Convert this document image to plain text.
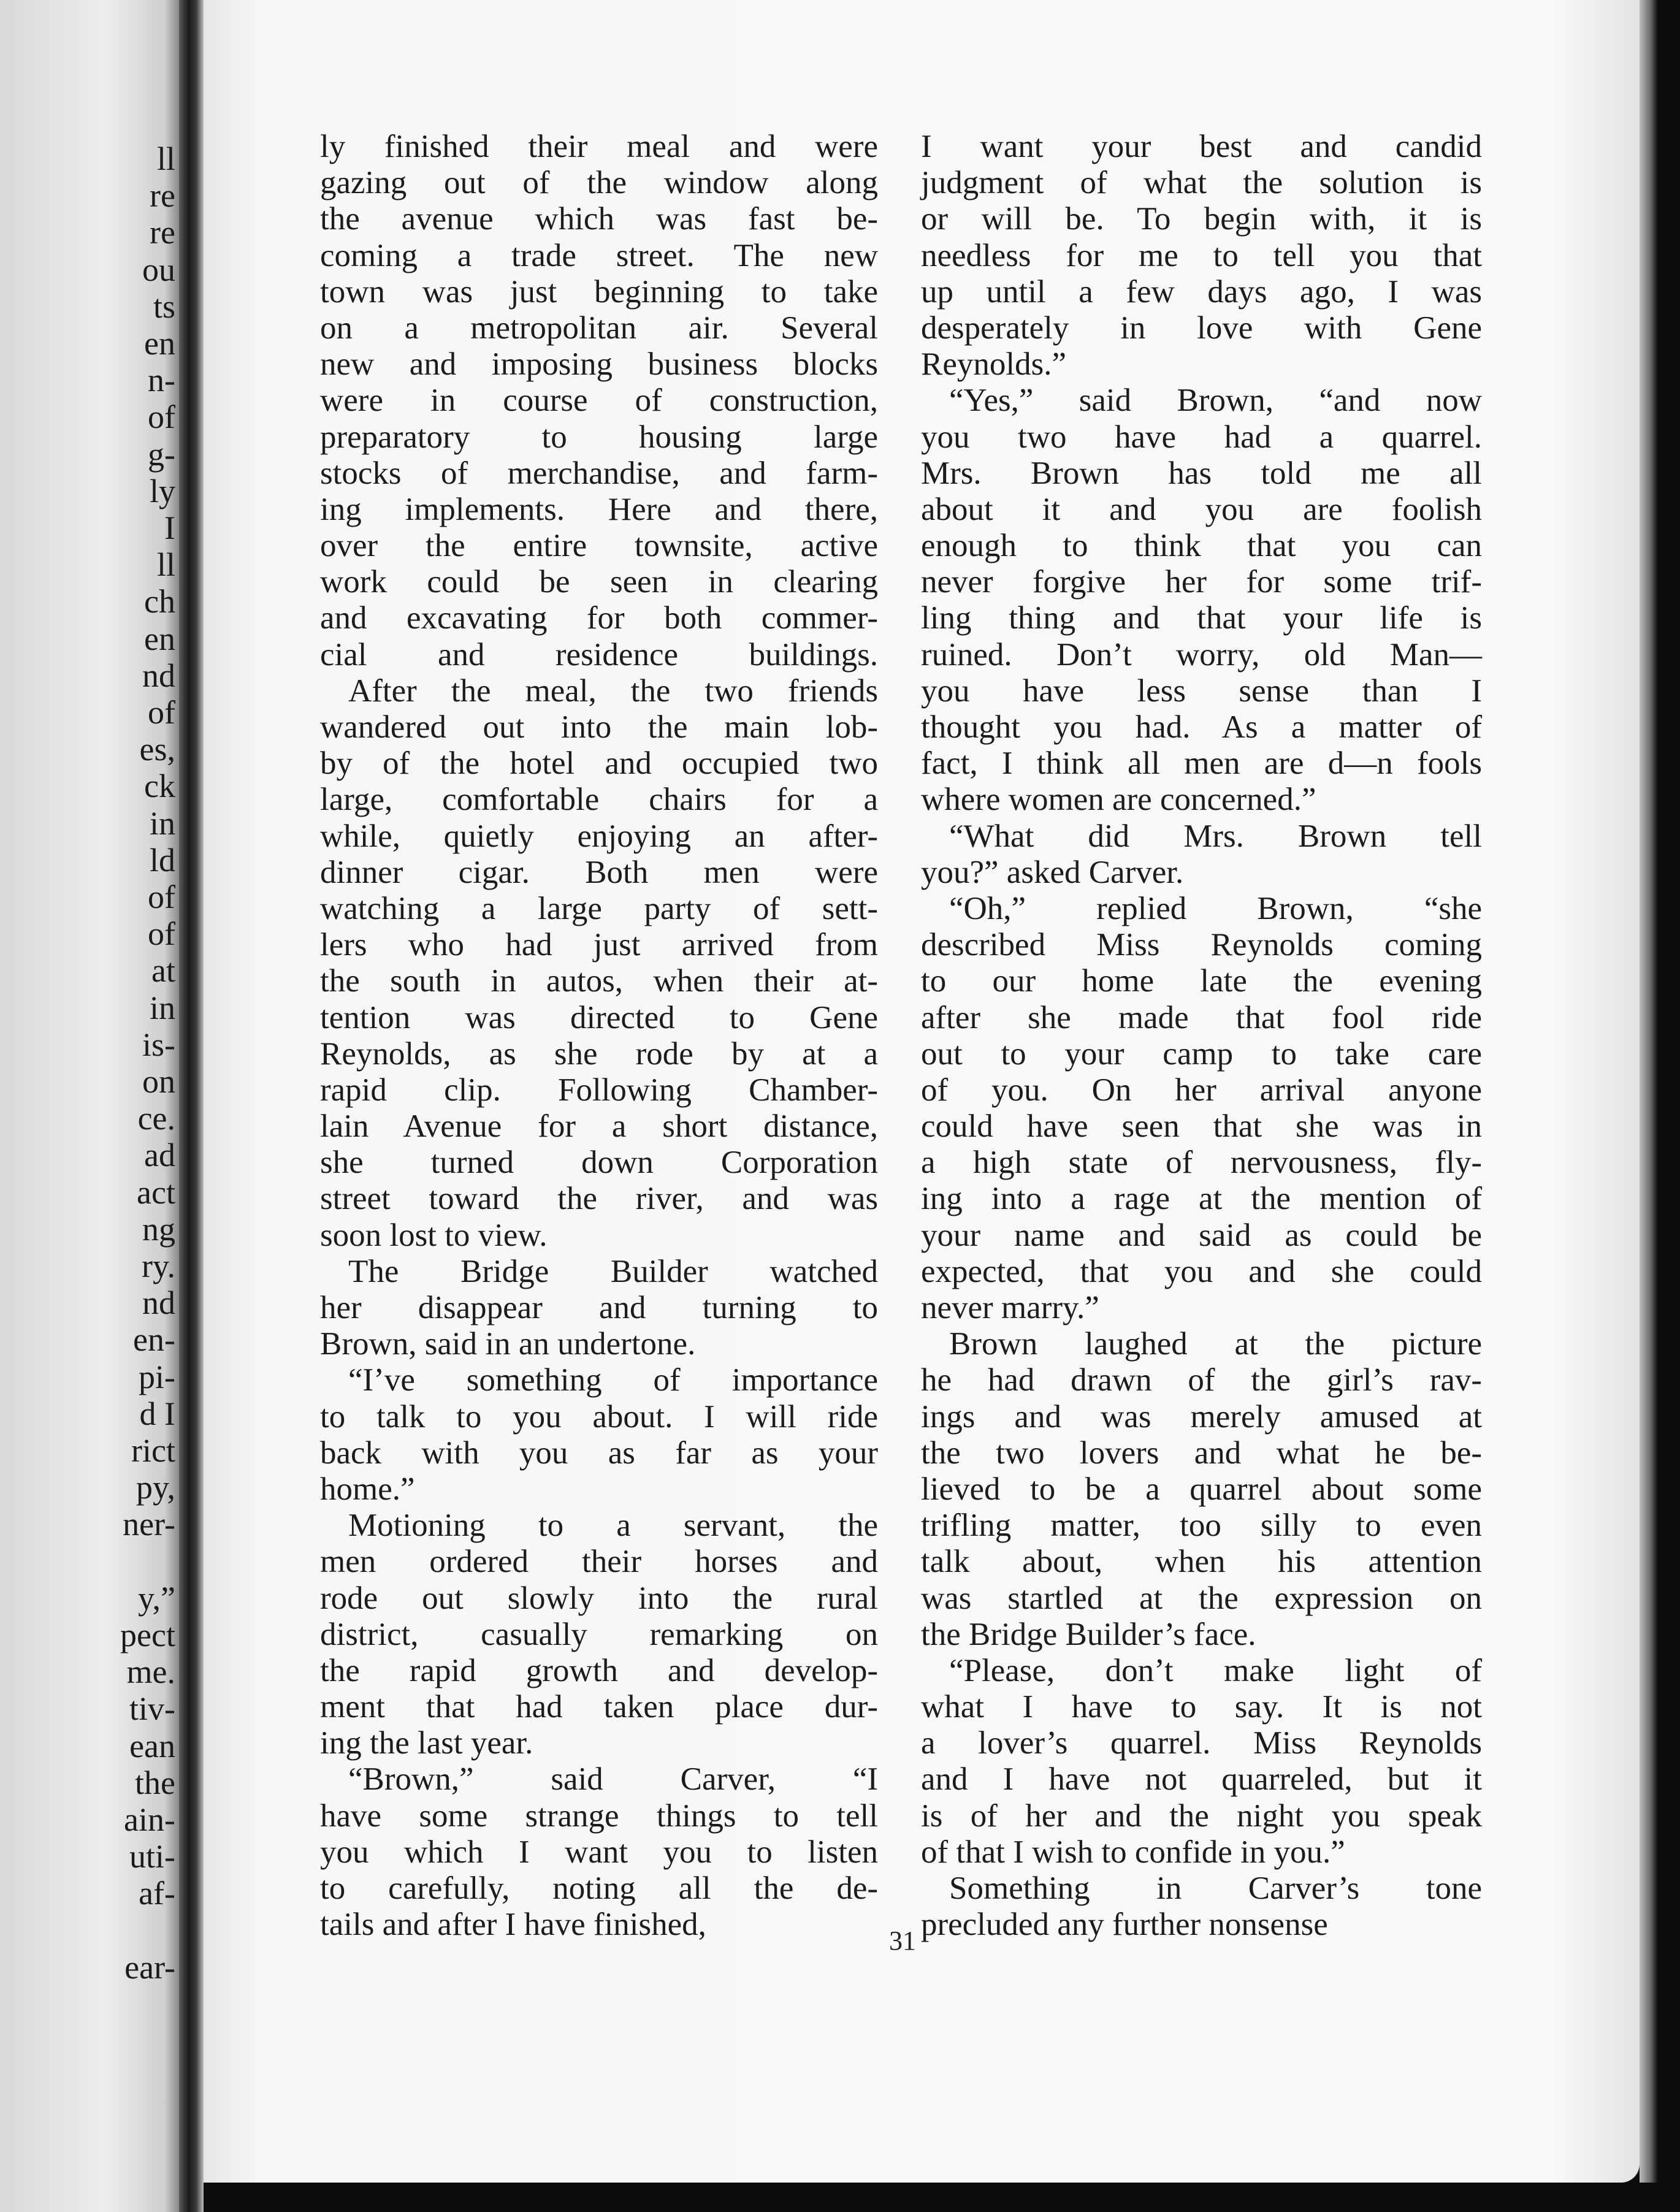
ll
re
re
ou
ts
en
n-
of
g-
ly
I
ll
ch
en
nd
of
es,
ck
in
ld
of
of
at
in
is-
on
ce.
ad
act
ng
ry.
nd
en-
pi-
d I
rict
py,
ner-
y,”
pect
me.
tiv-
ean
the
ain-
uti-
af-
ear-
ly finished their meal and were
gazing out of the window along
the avenue which was fast be-
coming a trade street. The new
town was just beginning to take
on a metropolitan air. Several
new and imposing business blocks
were in course of construction,
preparatory to housing large
stocks of merchandise, and farm-
ing implements. Here and there,
over the entire townsite, active
work could be seen in clearing
and excavating for both commer-
cial and residence buildings.
After the meal, the two friends
wandered out into the main lob-
by of the hotel and occupied two
large, comfortable chairs for a
while, quietly enjoying an after-
dinner cigar. Both men were
watching a large party of sett-
lers who had just arrived from
the south in autos, when their at-
tention was directed to Gene
Reynolds, as she rode by at a
rapid clip. Following Chamber-
lain Avenue for a short distance,
she turned down Corporation
street toward the river, and was
soon lost to view.
The Bridge Builder watched
her disappear and turning to
Brown, said in an undertone.
“I’ve something of importance
to talk to you about. I will ride
back with you as far as your
home.”
Motioning to a servant, the
men ordered their horses and
rode out slowly into the rural
district, casually remarking on
the rapid growth and develop-
ment that had taken place dur-
ing the last year.
“Brown,” said Carver, “I
have some strange things to tell
you which I want you to listen
to carefully, noting all the de-
tails and after I have finished,
I want your best and candid
judgment of what the solution is
or will be. To begin with, it is
needless for me to tell you that
up until a few days ago, I was
desperately in love with Gene
Reynolds.”
“Yes,” said Brown, “and now
you two have had a quarrel.
Mrs. Brown has told me all
about it and you are foolish
enough to think that you can
never forgive her for some trif-
ling thing and that your life is
ruined. Don’t worry, old Man—
you have less sense than I
thought you had. As a matter of
fact, I think all men are d—n fools
where women are concerned.”
“What did Mrs. Brown tell
you?” asked Carver.
“Oh,” replied Brown, “she
described Miss Reynolds coming
to our home late the evening
after she made that fool ride
out to your camp to take care
of you. On her arrival anyone
could have seen that she was in
a high state of nervousness, fly-
ing into a rage at the mention of
your name and said as could be
expected, that you and she could
never marry.”
Brown laughed at the picture
he had drawn of the girl’s rav-
ings and was merely amused at
the two lovers and what he be-
lieved to be a quarrel about some
trifling matter, too silly to even
talk about, when his attention
was startled at the expression on
the Bridge Builder’s face.
“Please, don’t make light of
what I have to say. It is not
a lover’s quarrel. Miss Reynolds
and I have not quarreled, but it
is of her and the night you speak
of that I wish to confide in you.”
Something in Carver’s tone
precluded any further nonsense
31
